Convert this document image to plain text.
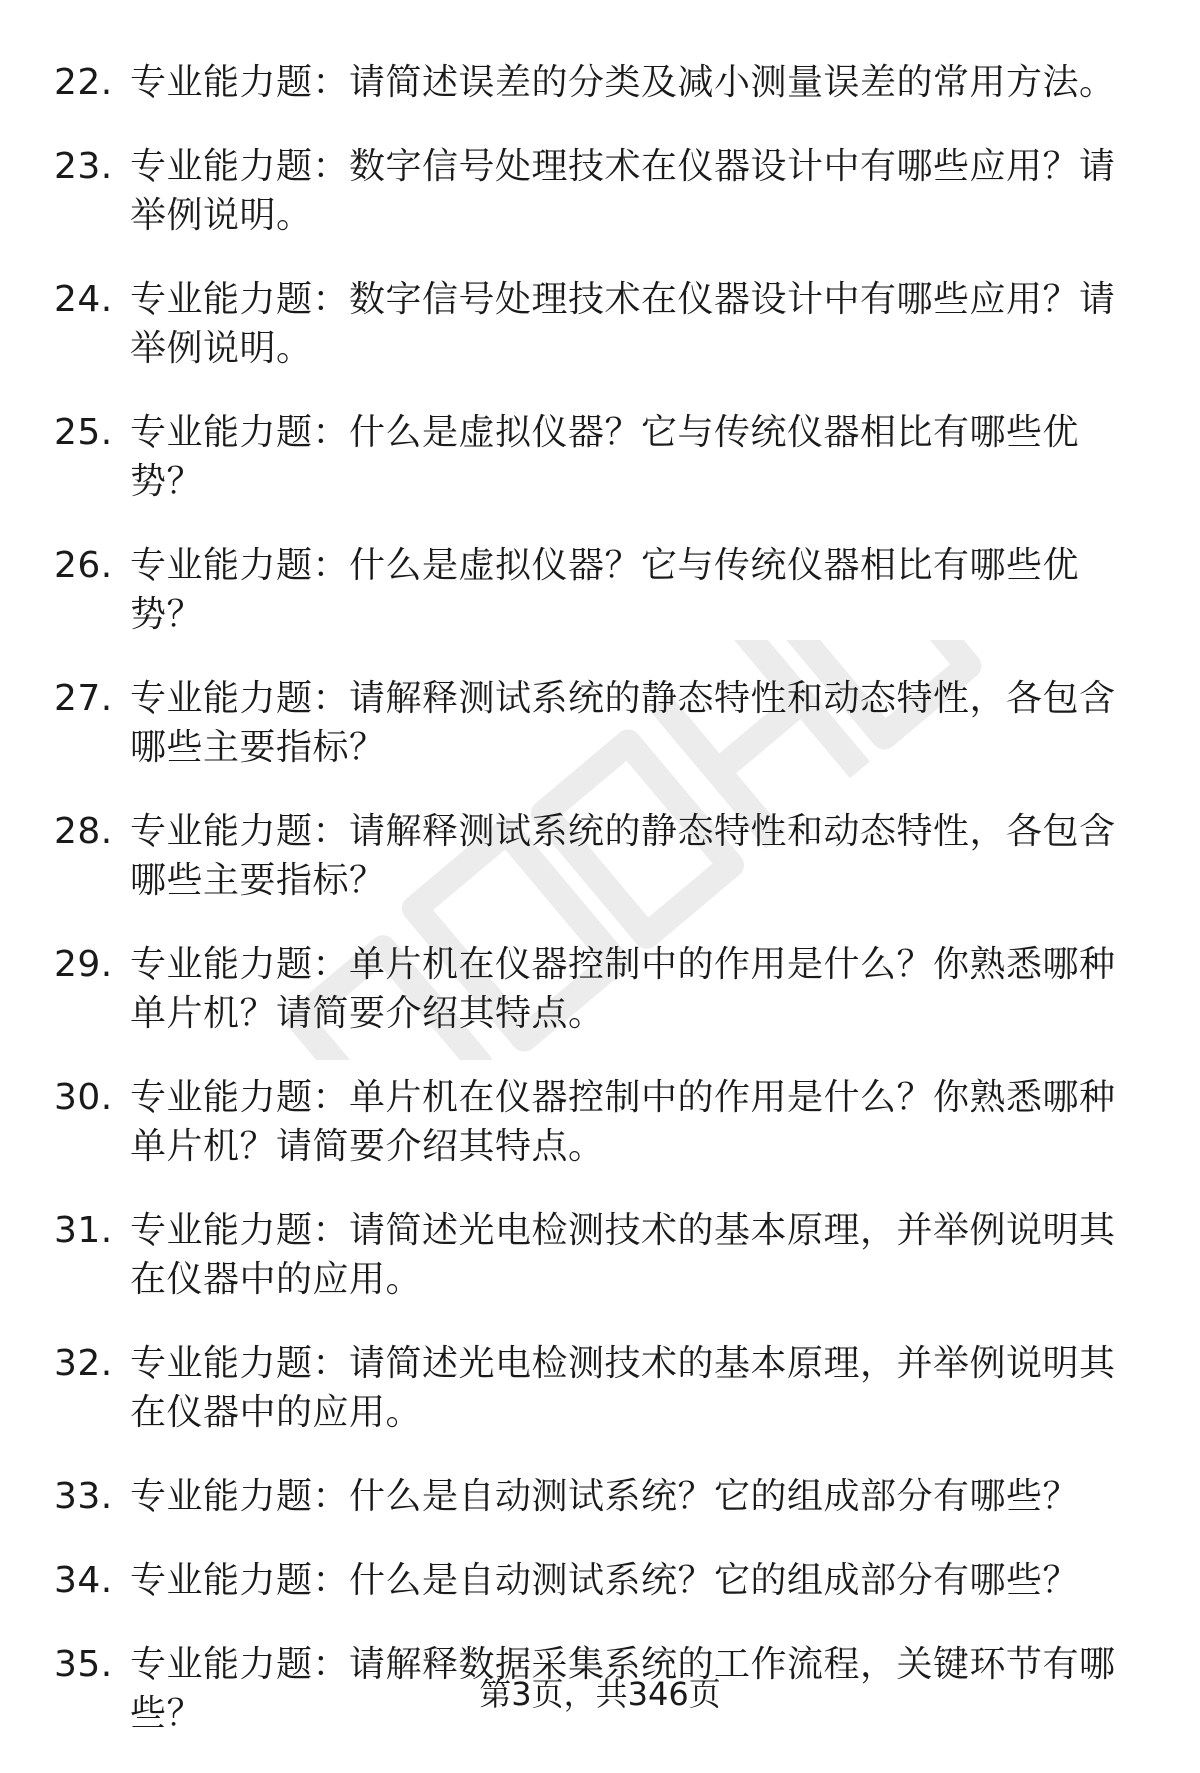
22. 专业能力题：请简述误差的分类及减小测量误差的常用方法。
23. 专业能力题：数字信号处理技术在仪器设计中有哪些应用？请举例说明。
24. 专业能力题：数字信号处理技术在仪器设计中有哪些应用？请举例说明。
25. 专业能力题：什么是虚拟仪器？它与传统仪器相比有哪些优势？
26. 专业能力题：什么是虚拟仪器？它与传统仪器相比有哪些优势？
27. 专业能力题：请解释测试系统的静态特性和动态特性，各包含哪些主要指标？
28. 专业能力题：请解释测试系统的静态特性和动态特性，各包含哪些主要指标？
29. 专业能力题：单片机在仪器控制中的作用是什么？你熟悉哪种单片机？请简要介绍其特点。
30. 专业能力题：单片机在仪器控制中的作用是什么？你熟悉哪种单片机？请简要介绍其特点。
31. 专业能力题：请简述光电检测技术的基本原理，并举例说明其在仪器中的应用。
32. 专业能力题：请简述光电检测技术的基本原理，并举例说明其在仪器中的应用。
33. 专业能力题：什么是自动测试系统？它的组成部分有哪些？
34. 专业能力题：什么是自动测试系统？它的组成部分有哪些？
35. 专业能力题：请解释数据采集系统的工作流程，关键环节有哪些？	第3页，共346页
